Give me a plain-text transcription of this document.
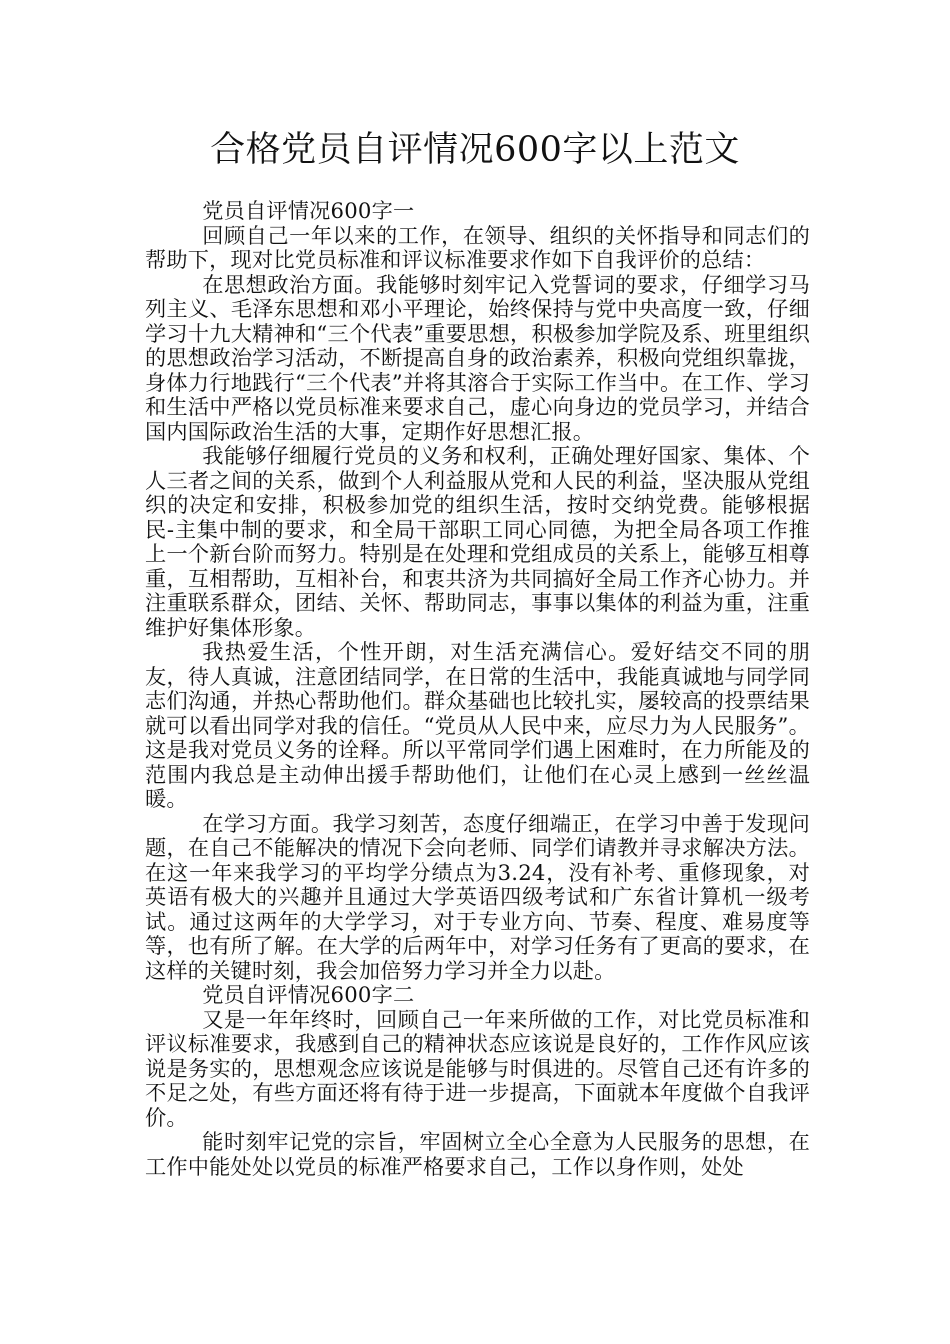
合格党员自评情况600字以上范文

党员自评情况600字一

回顾自己一年以来的工作，在领导、组织的关怀指导和同志们的帮助下，现对比党员标准和评议标准要求作如下自我评价的总结：

在思想政治方面。我能够时刻牢记入党誓词的要求，仔细学习马列主义、毛泽东思想和邓小平理论，始终保持与党中央高度一致，仔细学习十九大精神和“三个代表”重要思想，积极参加学院及系、班里组织的思想政治学习活动，不断提高自身的政治素养，积极向党组织靠拢，身体力行地践行“三个代表”并将其溶合于实际工作当中。在工作、学习和生活中严格以党员标准来要求自己，虚心向身边的党员学习，并结合国内国际政治生活的大事，定期作好思想汇报。

我能够仔细履行党员的义务和权利，正确处理好国家、集体、个人三者之间的关系，做到个人利益服从党和人民的利益，坚决服从党组织的决定和安排，积极参加党的组织生活，按时交纳党费。能够根据民-主集中制的要求，和全局干部职工同心同德，为把全局各项工作推上一个新台阶而努力。特别是在处理和党组成员的关系上，能够互相尊重，互相帮助，互相补台，和衷共济为共同搞好全局工作齐心协力。并注重联系群众，团结、关怀、帮助同志，事事以集体的利益为重，注重维护好集体形象。

我热爱生活，个性开朗，对生活充满信心。爱好结交不同的朋友，待人真诚，注意团结同学，在日常的生活中，我能真诚地与同学同志们沟通，并热心帮助他们。群众基础也比较扎实，屡较高的投票结果就可以看出同学对我的信任。“党员从人民中来，应尽力为人民服务”。这是我对党员义务的诠释。所以平常同学们遇上困难时，在力所能及的范围内我总是主动伸出援手帮助他们，让他们在心灵上感到一丝丝温暖。

在学习方面。我学习刻苦，态度仔细端正，在学习中善于发现问题，在自己不能解决的情况下会向老师、同学们请教并寻求解决方法。在这一年来我学习的平均学分绩点为3.24，没有补考、重修现象，对英语有极大的兴趣并且通过大学英语四级考试和广东省计算机一级考试。通过这两年的大学学习，对于专业方向、节奏、程度、难易度等等，也有所了解。在大学的后两年中，对学习任务有了更高的要求，在这样的关键时刻，我会加倍努力学习并全力以赴。

党员自评情况600字二

又是一年年终时，回顾自己一年来所做的工作，对比党员标准和评议标准要求，我感到自己的精神状态应该说是良好的，工作作风应该说是务实的，思想观念应该说是能够与时俱进的。尽管自己还有许多的不足之处，有些方面还将有待于进一步提高，下面就本年度做个自我评价。

能时刻牢记党的宗旨，牢固树立全心全意为人民服务的思想，在工作中能处处以党员的标准严格要求自己，工作以身作则，处处
